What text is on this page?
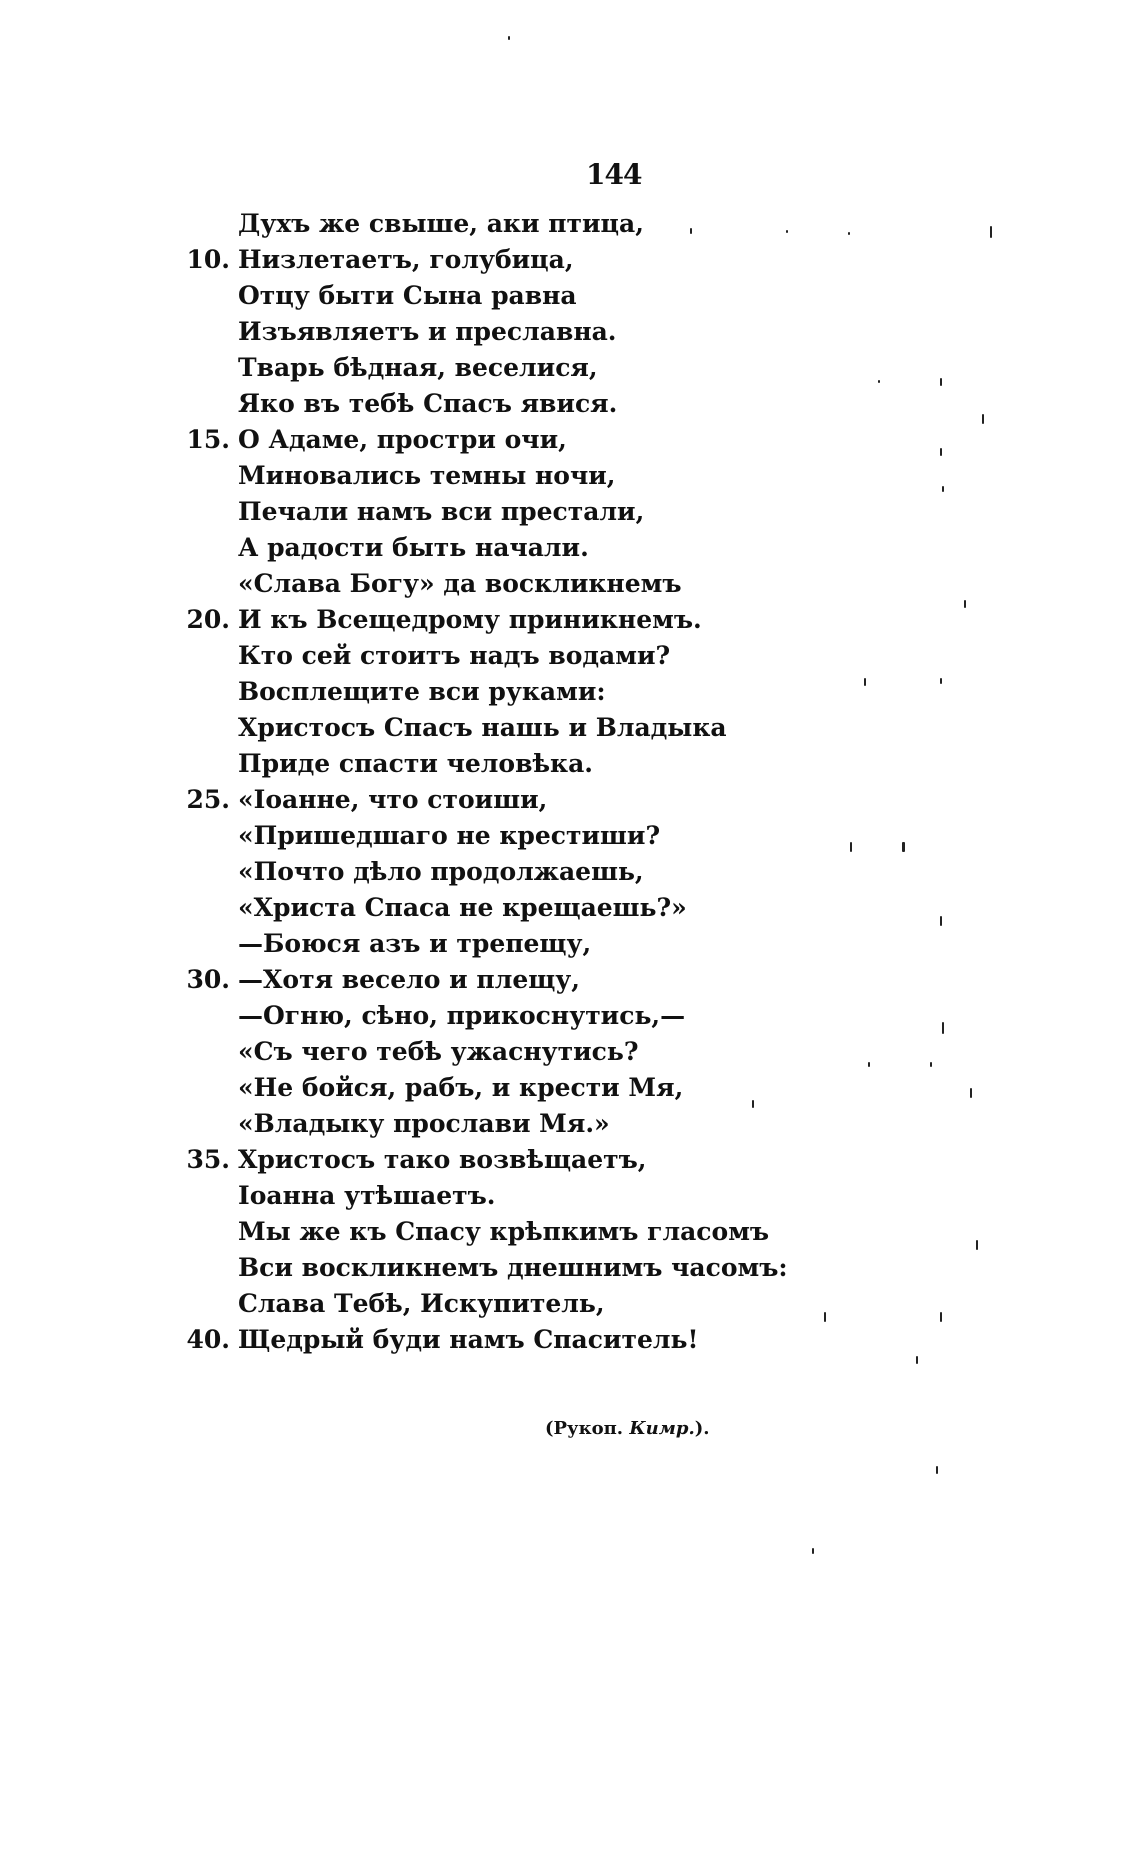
144
Духъ же свыше, аки птица,
10. Низлетаетъ, голубица,
Отцу быти Сына равна
Изъявляетъ и преславна.
Тварь бѣдная, веселися,
Яко въ тебѣ Спасъ явися.
15. О Адаме, простри очи,
Миновались темны ночи,
Печали намъ вси престали,
А радости быть начали.
«Слава Богу» да воскликнемъ
20. И къ Всещедрому приникнемъ.
Кто сей стоитъ надъ водами?
Восплещите вси руками:
Христосъ Спасъ нашь и Владыка
Приде спасти человѣка.
25. «Іоанне, что стоиши,
«Пришедшаго не крестиши?
«Почто дѣло продолжаешь,
«Христа Спаса не крещаешь?»
—Боюся азъ и трепещу,
30. —Хотя весело и плещу,
—Огню, сѣно, прикоснутись,—
«Съ чего тебѣ ужаснутись?
«Не бойся, рабъ, и крести Мя,
«Владыку прослави Мя.»
35. Христосъ тако возвѣщаетъ,
Іоанна утѣшаетъ.
Мы же къ Спасу крѣпкимъ гласомъ
Вси воскликнемъ днешнимъ часомъ:
Слава Тебѣ, Искупитель,
40. Щедрый буди намъ Спаситель!
(Рукоп. Кимр.).
